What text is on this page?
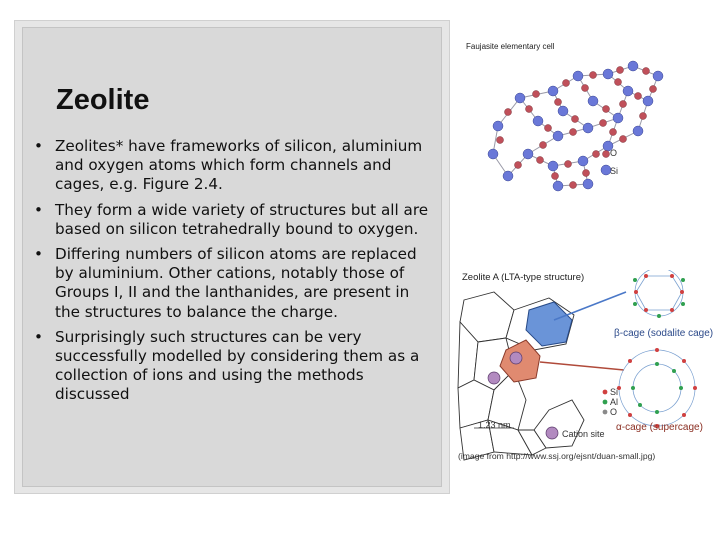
Zeolite
• Zeolites* have frameworks of silicon, aluminium and oxygen atoms which form channels and cages, e.g. Figure 2.4.
• They form a wide variety of structures but all are based on silicon tetrahedrally bound to oxygen.
• Differing numbers of silicon atoms are replaced by aluminium. Other cations, notably those of Groups I, II and the lanthanides, are present in the structures to balance the charge.
• Surprisingly such structures can be very successfully modelled by considering them as a collection of ions and using the methods discussed
Faujasite elementary cell
O
Si
Zeolite A (LTA-type structure)
β-cage (sodalite cage)
α-cage (supercage)
Si
Al
O
Cation site
1.23 nm
(image from http://www.ssj.org/ejsnt/duan-small.jpg)
